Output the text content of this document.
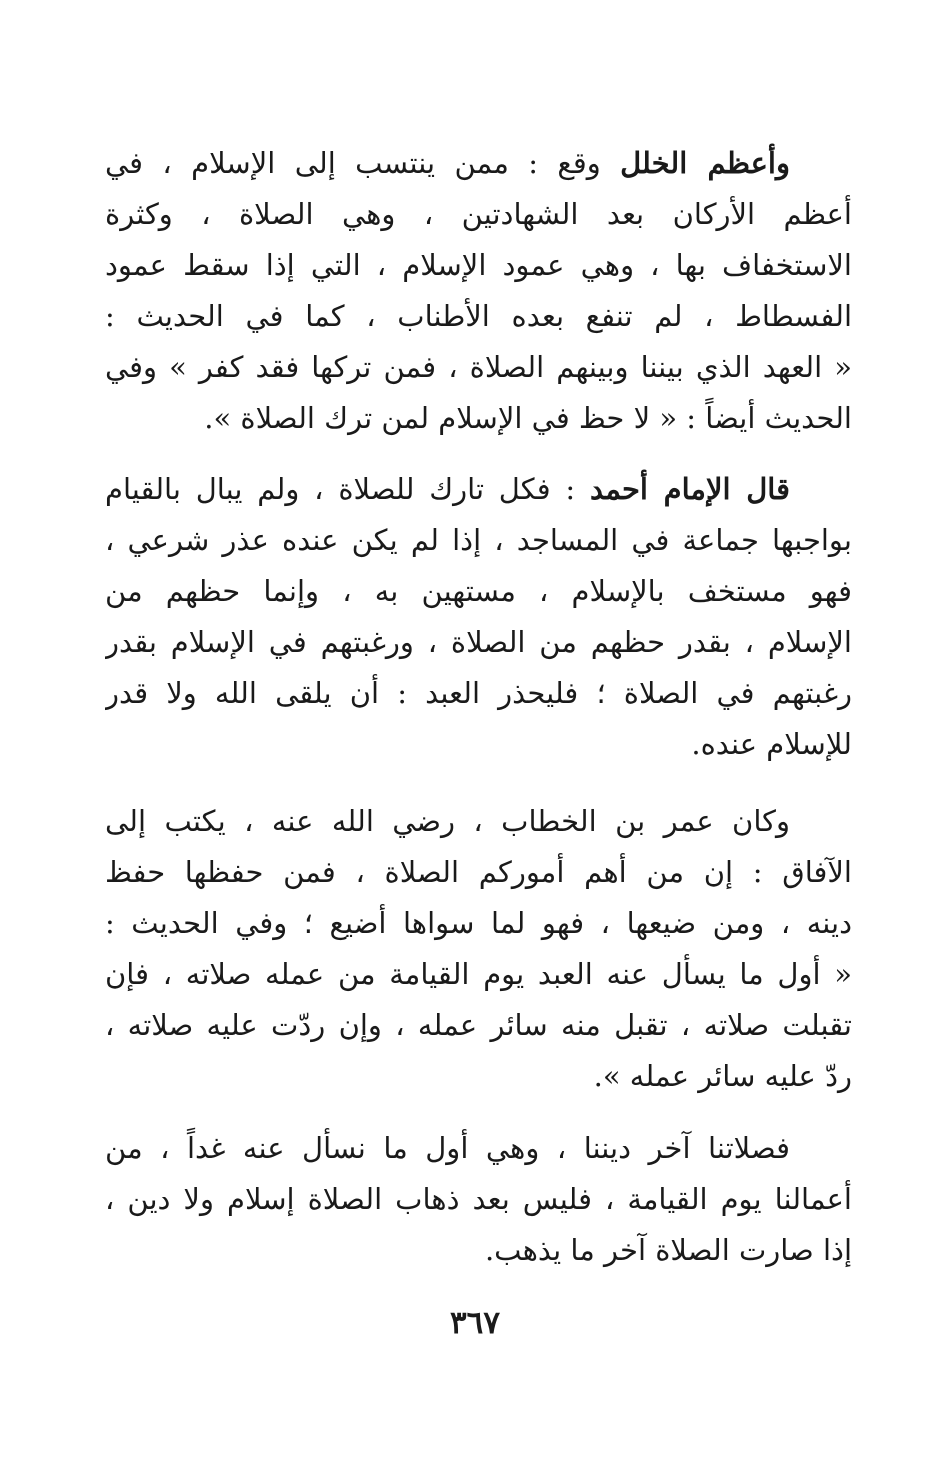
وأعظم الخلل وقع : ممن ينتسب إلى الإسلام ، في
أعظم الأركان بعد الشهادتين ، وهي الصلاة ، وكثرة
الاستخفاف بها ، وهي عمود الإسلام ، التي إذا سقط عمود
الفسطاط ، لم تنفع بعده الأطناب ، كما في الحديث :
« العهد الذي بيننا وبينهم الصلاة ، فمن تركها فقد كفر » وفي
الحديث أيضاً : « لا حظ في الإسلام لمن ترك الصلاة ».
قال الإمام أحمد : فكل تارك للصلاة ، ولم يبال بالقيام
بواجبها جماعة في المساجد ، إذا لم يكن عنده عذر شرعي ،
فهو مستخف بالإسلام ، مستهين به ، وإنما حظهم من
الإسلام ، بقدر حظهم من الصلاة ، ورغبتهم في الإسلام بقدر
رغبتهم في الصلاة ؛ فليحذر العبد : أن يلقى الله ولا قدر
للإسلام عنده.
وكان عمر بن الخطاب ، رضي الله عنه ، يكتب إلى
الآفاق : إن من أهم أموركم الصلاة ، فمن حفظها حفظ
دينه ، ومن ضيعها ، فهو لما سواها أضيع ؛ وفي الحديث :
« أول ما يسأل عنه العبد يوم القيامة من عمله صلاته ، فإن
تقبلت صلاته ، تقبل منه سائر عمله ، وإن ردّت عليه صلاته ،
ردّ عليه سائر عمله ».
فصلاتنا آخر ديننا ، وهي أول ما نسأل عنه غداً ، من
أعمالنا يوم القيامة ، فليس بعد ذهاب الصلاة إسلام ولا دين ،
إذا صارت الصلاة آخر ما يذهب.
٣٦٧
